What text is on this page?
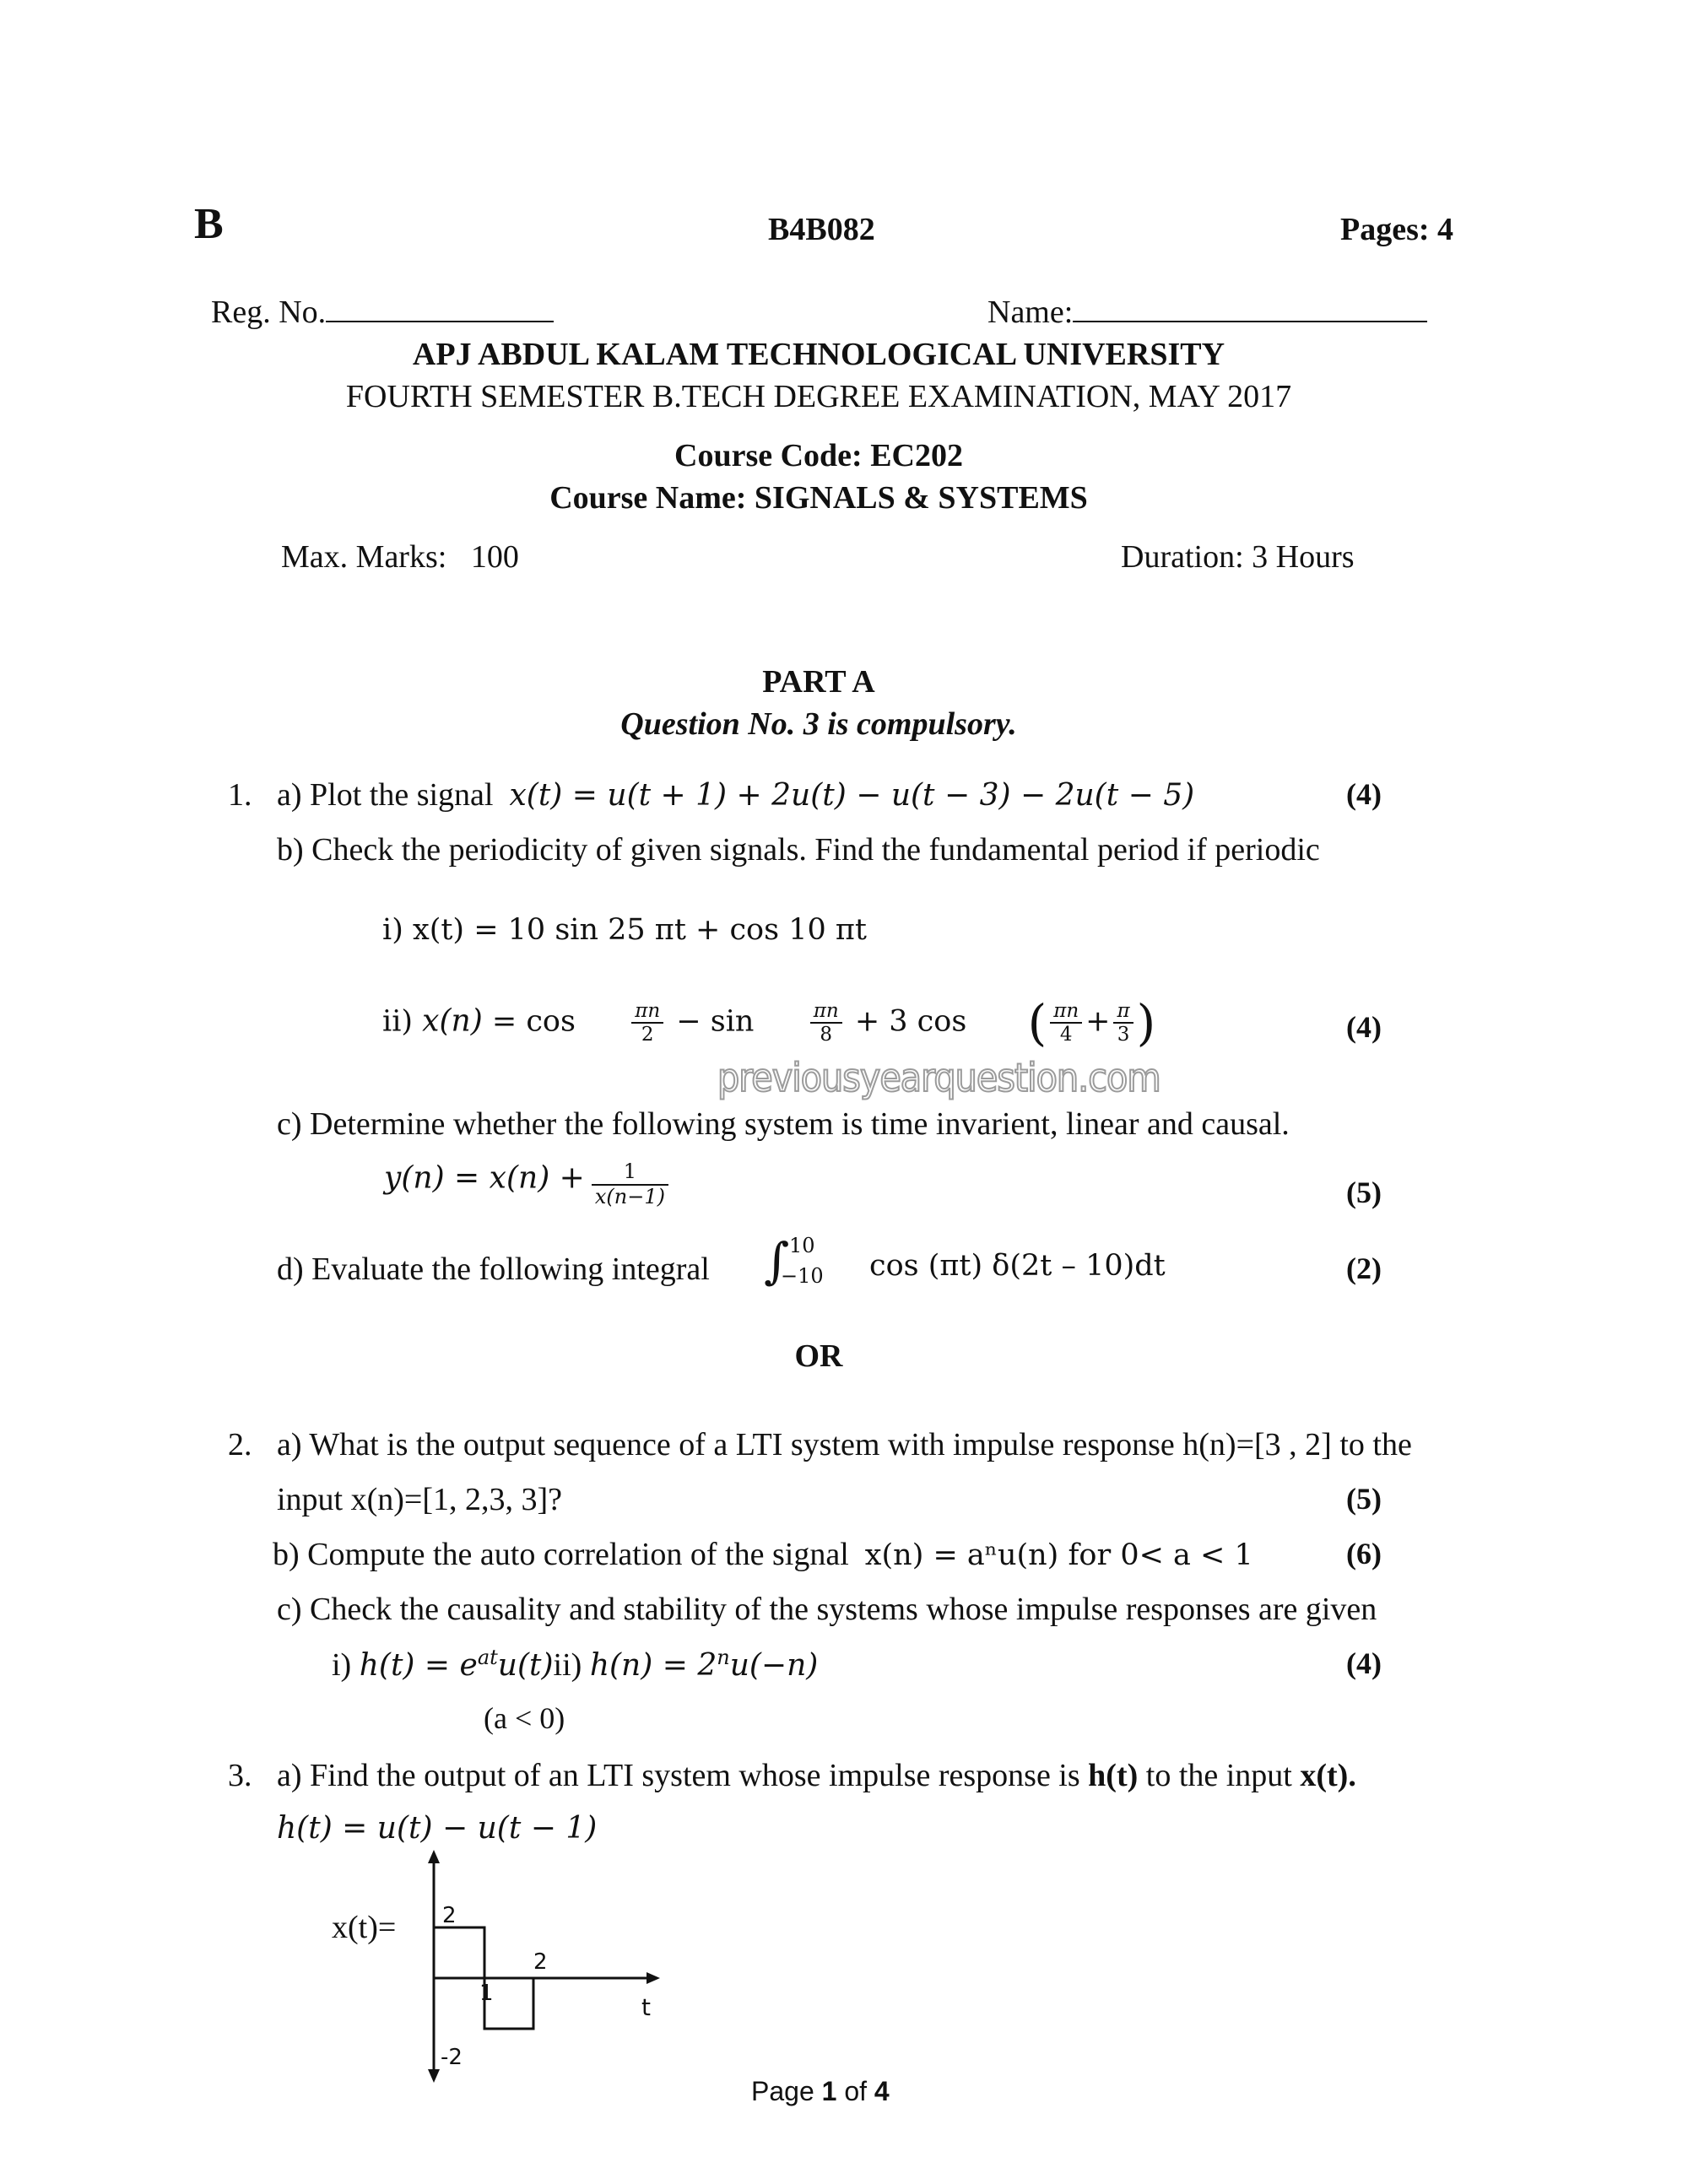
B	B4B082	Pages: 4
Reg. No.	Name:
APJ ABDUL KALAM TECHNOLOGICAL UNIVERSITY
FOURTH SEMESTER B.TECH DEGREE EXAMINATION, MAY 2017
Course Code: EC202
Course Name: SIGNALS & SYSTEMS
Max. Marks: 100	Duration: 3 Hours
PART A
Question No. 3 is compulsory.
1. a) Plot the signal x(t) = u(t + 1) + 2u(t) − u(t − 3) − 2u(t − 5)	(4)
b) Check the periodicity of given signals. Find the fundamental period if periodic
i) x(t) = 10 sin 25 πt + cos 10 πt
ii) x(n) = cos	$\frac{\pi n}{2} - \sin$	$\frac{\pi n}{8} + 3$ cos ( $\frac{\pi n}{4} + \frac{\pi}{3}$ )	(4)
previousyearquestion.com
c) Determine whether the following system is time invarient, linear and causal.
$y(n) = x(n) + \frac{1}{x(n-1)}$	(5)
d) Evaluate the following integral ∫ 10
−10 cos (πt) δ(2t – 10)dt	(2)
OR
2. a) What is the output sequence of a LTI system with impulse response h(n)=[3 , 2] to the
input x(n)=[1, 2,3, 3]?	(5)
b) Compute the auto correlation of the signal x(n) = aⁿu(n) for 0< a < 1	(6)
c) Check the causality and stability of the systems whose impulse responses are given
i) $h(t) = e^{at}u(t)ii$) $h(n) = 2^nu(-n)$	(4)
(a < 0)
3. a) Find the output of an LTI system whose impulse response is h(t) to the input x(t).
h(t) = u(t) − u(t − 1)
x(t)= 2
2
1
-2
t
Page 1 of 4
